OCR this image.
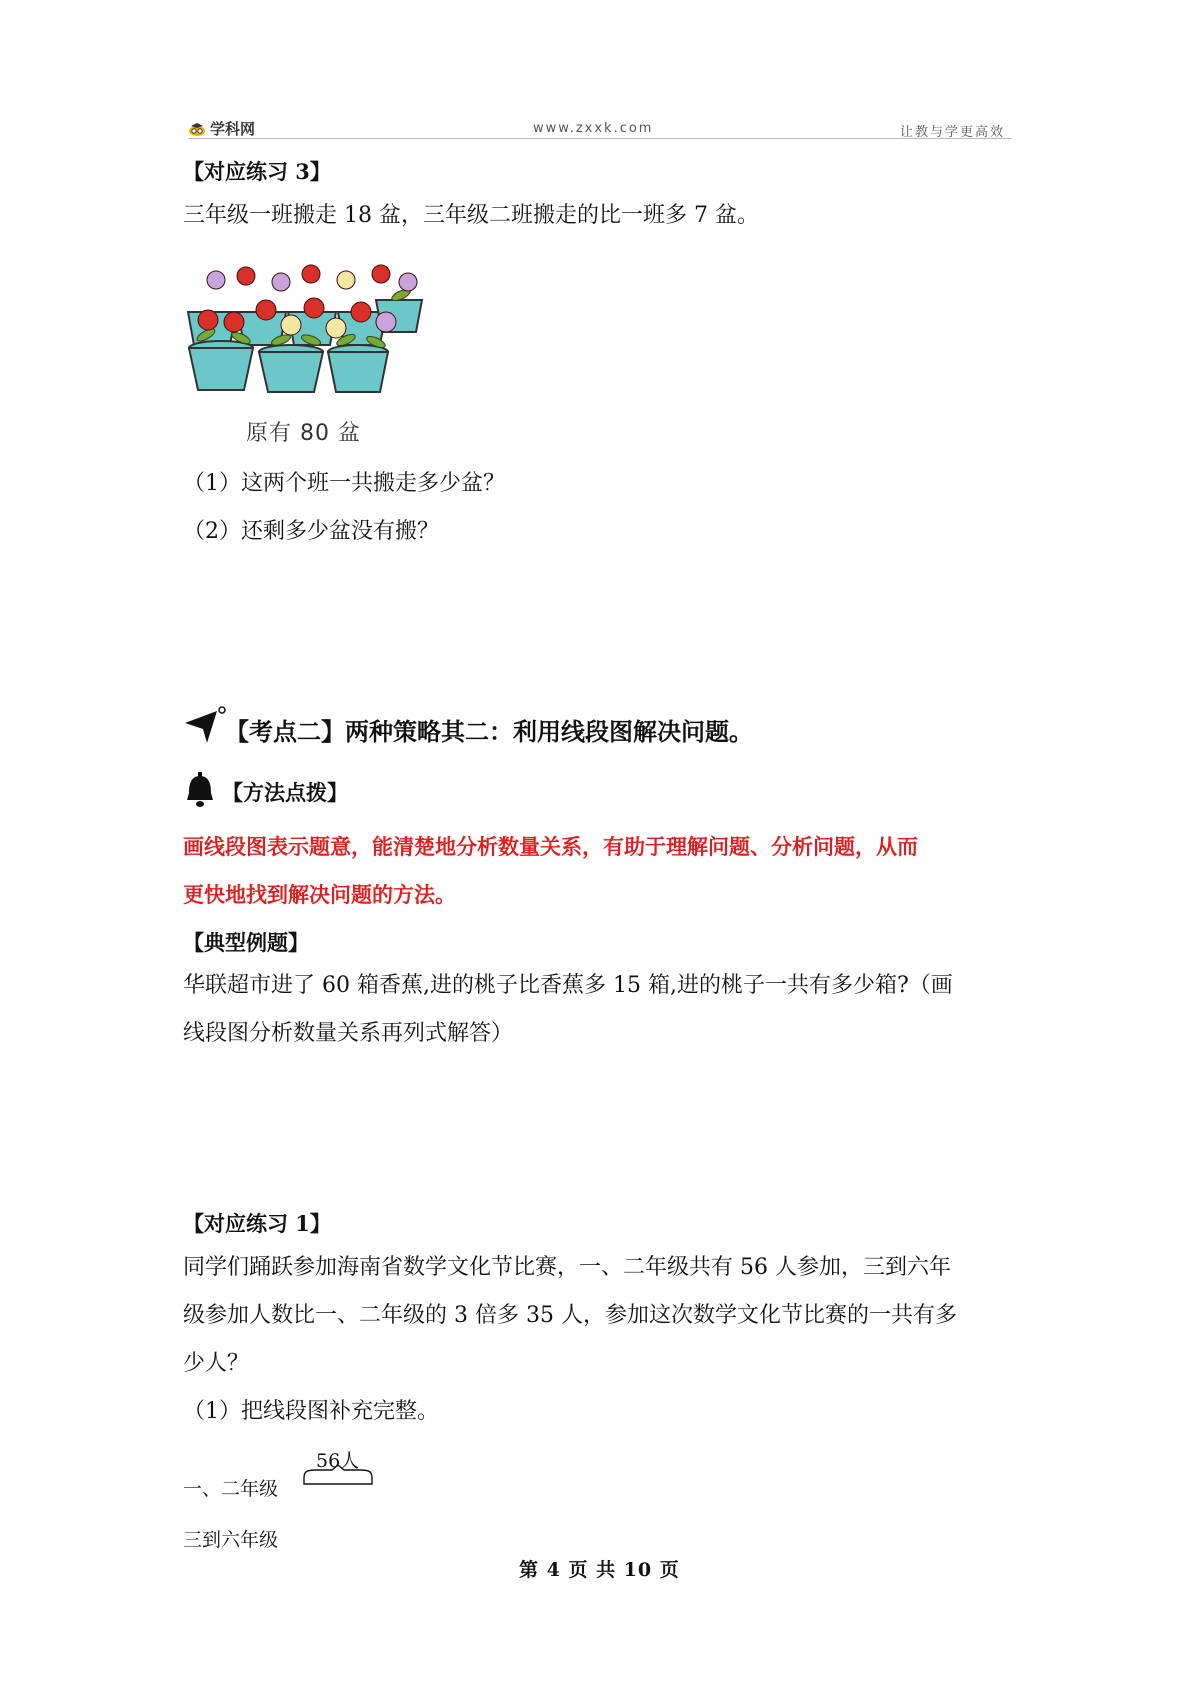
学科网	www.zxxk.com	让教与学更高效
【对应练习 3】
三年级一班搬走 18 盆，三年级二班搬走的比一班多 7 盆。
原有 80 盆
（1）这两个班一共搬走多少盆？
（2）还剩多少盆没有搬？
【考点二】两种策略其二：利用线段图解决问题。
【方法点拨】
画线段图表示题意，能清楚地分析数量关系，有助于理解问题、分析问题，从而
更快地找到解决问题的方法。
【典型例题】
华联超市进了 60 箱香蕉,进的桃子比香蕉多 15 箱,进的桃子一共有多少箱?（画
线段图分析数量关系再列式解答）
【对应练习 1】
同学们踊跃参加海南省数学文化节比赛，一、二年级共有 56 人参加，三到六年
级参加人数比一、二年级的 3 倍多 35 人，参加这次数学文化节比赛的一共有多
少人？
（1）把线段图补充完整。
56人
一、二年级
三到六年级
第 4 页 共 10 页
